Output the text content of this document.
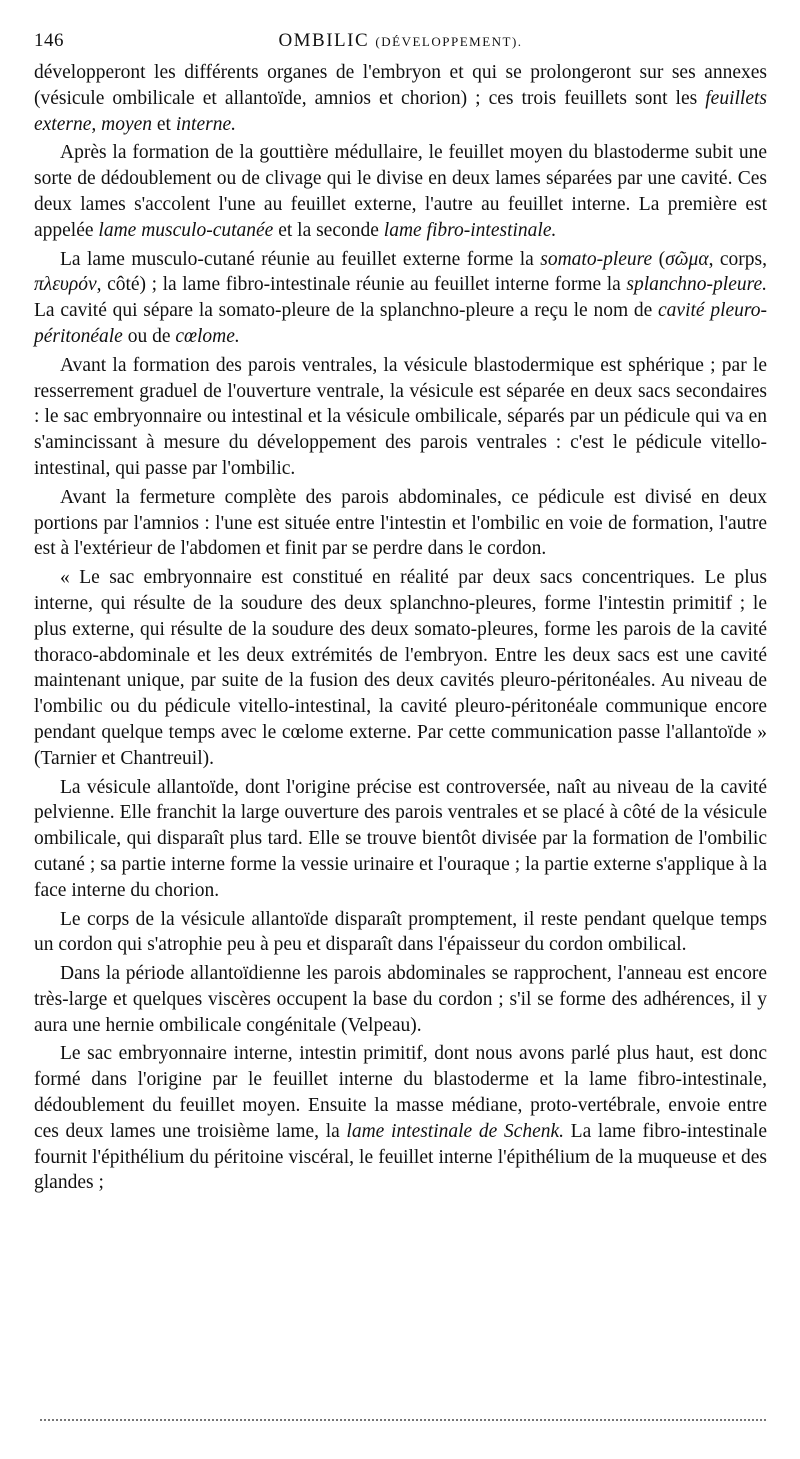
146	OMBILIC (DÉVELOPPEMENT).

développeront les différents organes de l'embryon et qui se prolongeront sur ses annexes (vésicule ombilicale et allantoïde, amnios et chorion) ; ces trois feuillets sont les feuillets externe, moyen et interne.

Après la formation de la gouttière médullaire, le feuillet moyen du blastoderme subit une sorte de dédoublement ou de clivage qui le divise en deux lames séparées par une cavité. Ces deux lames s'accolent l'une au feuillet externe, l'autre au feuillet interne. La première est appelée lame musculo-cutanée et la seconde lame fibro-intestinale.

La lame musculo-cutané réunie au feuillet externe forme la somato-pleure (σῶμα, corps, πλευρόν, côté) ; la lame fibro-intestinale réunie au feuillet interne forme la splanchno-pleure. La cavité qui sépare la somato-pleure de la splanchno-pleure a reçu le nom de cavité pleuro-péritonéale ou de cœlome.

Avant la formation des parois ventrales, la vésicule blastodermique est sphérique ; par le resserrement graduel de l'ouverture ventrale, la vésicule est séparée en deux sacs secondaires : le sac embryonnaire ou intestinal et la vésicule ombilicale, séparés par un pédicule qui va en s'amincissant à mesure du développement des parois ventrales : c'est le pédicule vitello-intestinal, qui passe par l'ombilic.

Avant la fermeture complète des parois abdominales, ce pédicule est divisé en deux portions par l'amnios : l'une est située entre l'intestin et l'ombilic en voie de formation, l'autre est à l'extérieur de l'abdomen et finit par se perdre dans le cordon.

« Le sac embryonnaire est constitué en réalité par deux sacs concentriques. Le plus interne, qui résulte de la soudure des deux splanchno-pleures, forme l'intestin primitif ; le plus externe, qui résulte de la soudure des deux somato-pleures, forme les parois de la cavité thoraco-abdominale et les deux extrémités de l'embryon. Entre les deux sacs est une cavité maintenant unique, par suite de la fusion des deux cavités pleuro-péritonéales. Au niveau de l'ombilic ou du pédicule vitello-intestinal, la cavité pleuro-péritonéale communique encore pendant quelque temps avec le cœlome externe. Par cette communication passe l'allantoïde » (Tarnier et Chantreuil).

La vésicule allantoïde, dont l'origine précise est controversée, naît au niveau de la cavité pelvienne. Elle franchit la large ouverture des parois ventrales et se placé à côté de la vésicule ombilicale, qui disparaît plus tard. Elle se trouve bientôt divisée par la formation de l'ombilic cutané ; sa partie interne forme la vessie urinaire et l'ouraque ; la partie externe s'applique à la face interne du chorion.

Le corps de la vésicule allantoïde disparaît promptement, il reste pendant quelque temps un cordon qui s'atrophie peu à peu et disparaît dans l'épaisseur du cordon ombilical.

Dans la période allantoïdienne les parois abdominales se rapprochent, l'anneau est encore très-large et quelques viscères occupent la base du cordon ; s'il se forme des adhérences, il y aura une hernie ombilicale congénitale (Velpeau).

Le sac embryonnaire interne, intestin primitif, dont nous avons parlé plus haut, est donc formé dans l'origine par le feuillet interne du blastoderme et la lame fibro-intestinale, dédoublement du feuillet moyen. Ensuite la masse médiane, proto-vertébrale, envoie entre ces deux lames une troisième lame, la lame intestinale de Schenk. La lame fibro-intestinale fournit l'épithélium du péritoine viscéral, le feuillet interne l'épithélium de la muqueuse et des glandes ;
